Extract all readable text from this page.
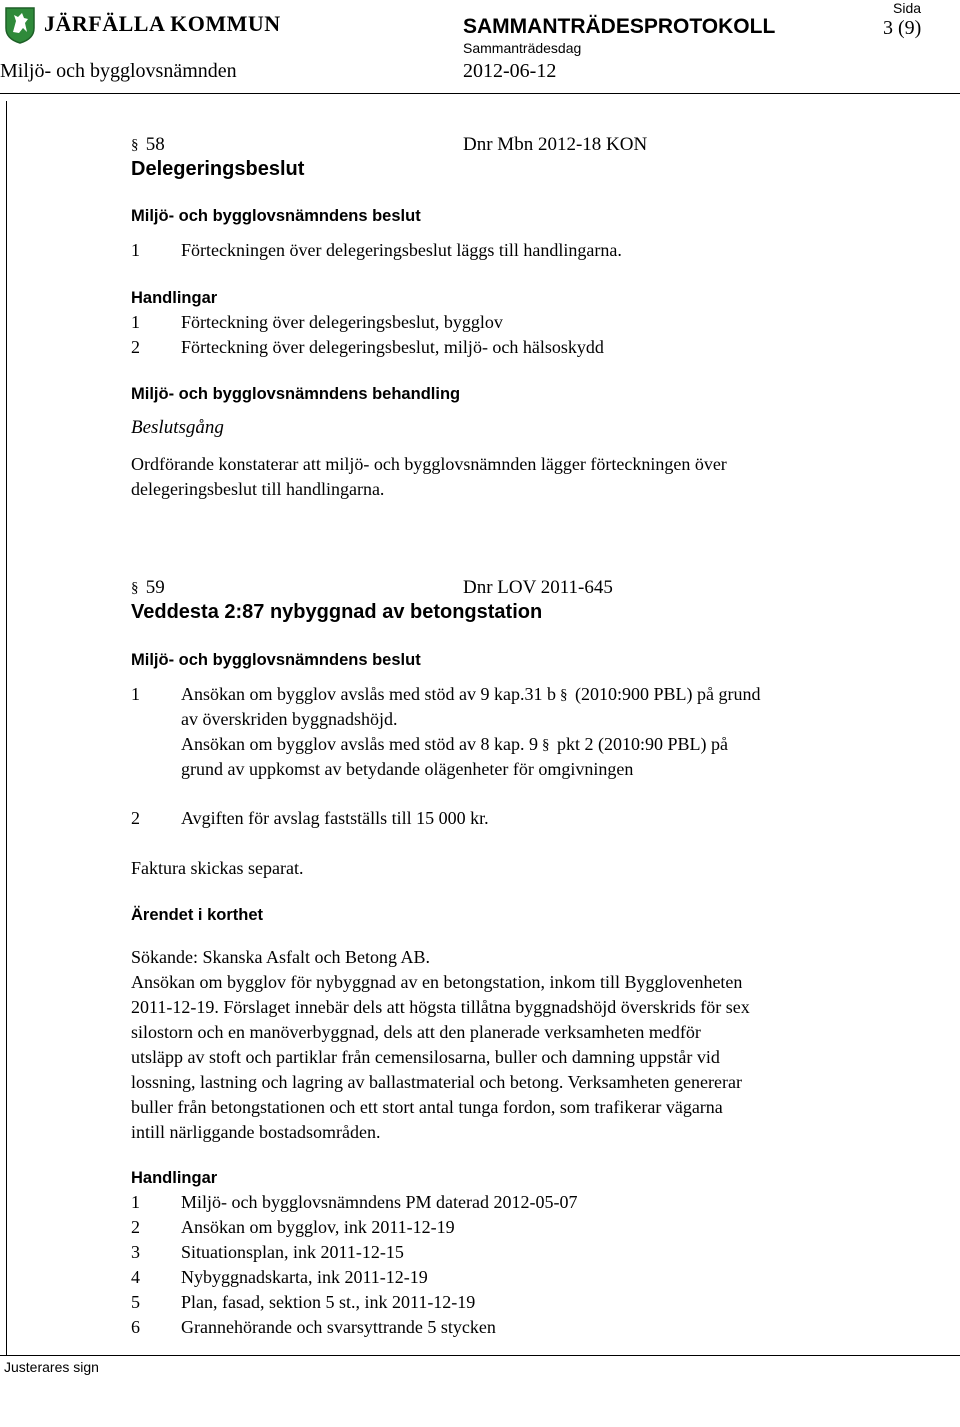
JÄRFÄLLA KOMMUN	SAMMANTRÄDESPROTOKOLL
Sammanträdesdag
Sida
3 (9)
Miljö- och bygglovsnämnden	2012-06-12
§ 58	Dnr Mbn 2012-18 KON
Delegeringsbeslut
Miljö- och bygglovsnämndens beslut
1 Förteckningen över delegeringsbeslut läggs till handlingarna.
Handlingar
1 Förteckning över delegeringsbeslut, bygglov
2 Förteckning över delegeringsbeslut, miljö- och hälsoskydd
Miljö- och bygglovsnämndens behandling
Beslutsgång
Ordförande konstaterar att miljö- och bygglovsnämnden lägger förteckningen över
delegeringsbeslut till handlingarna.
§ 59	Dnr LOV 2011-645
Veddesta 2:87 nybyggnad av betongstation
Miljö- och bygglovsnämndens beslut
1 Ansökan om bygglov avslås med stöd av 9 kap.31 b § (2010:900 PBL) på grund
av överskriden byggnadshöjd.
Ansökan om bygglov avslås med stöd av 8 kap. 9 § pkt 2 (2010:90 PBL) på
grund av uppkomst av betydande olägenheter för omgivningen
2 Avgiften för avslag fastställs till 15 000 kr.
Faktura skickas separat.
Ärendet i korthet
Sökande: Skanska Asfalt och Betong AB.
Ansökan om bygglov för nybyggnad av en betongstation, inkom till Bygglovenheten
2011-12-19. Förslaget innebär dels att högsta tillåtna byggnadshöjd överskrids för sex
silostorn och en manöverbyggnad, dels att den planerade verksamheten medför
utsläpp av stoft och partiklar från cemensilosarna, buller och damning uppstår vid
lossning, lastning och lagring av ballastmaterial och betong. Verksamheten genererar
buller från betongstationen och ett stort antal tunga fordon, som trafikerar vägarna
intill närliggande bostadsområden.
Handlingar
1 Miljö- och bygglovsnämndens PM daterad 2012-05-07
2 Ansökan om bygglov, ink 2011-12-19
3 Situationsplan, ink 2011-12-15
4 Nybyggnadskarta, ink 2011-12-19
5 Plan, fasad, sektion 5 st., ink 2011-12-19
6 Grannehörande och svarsyttrande 5 stycken
Justerares sign
